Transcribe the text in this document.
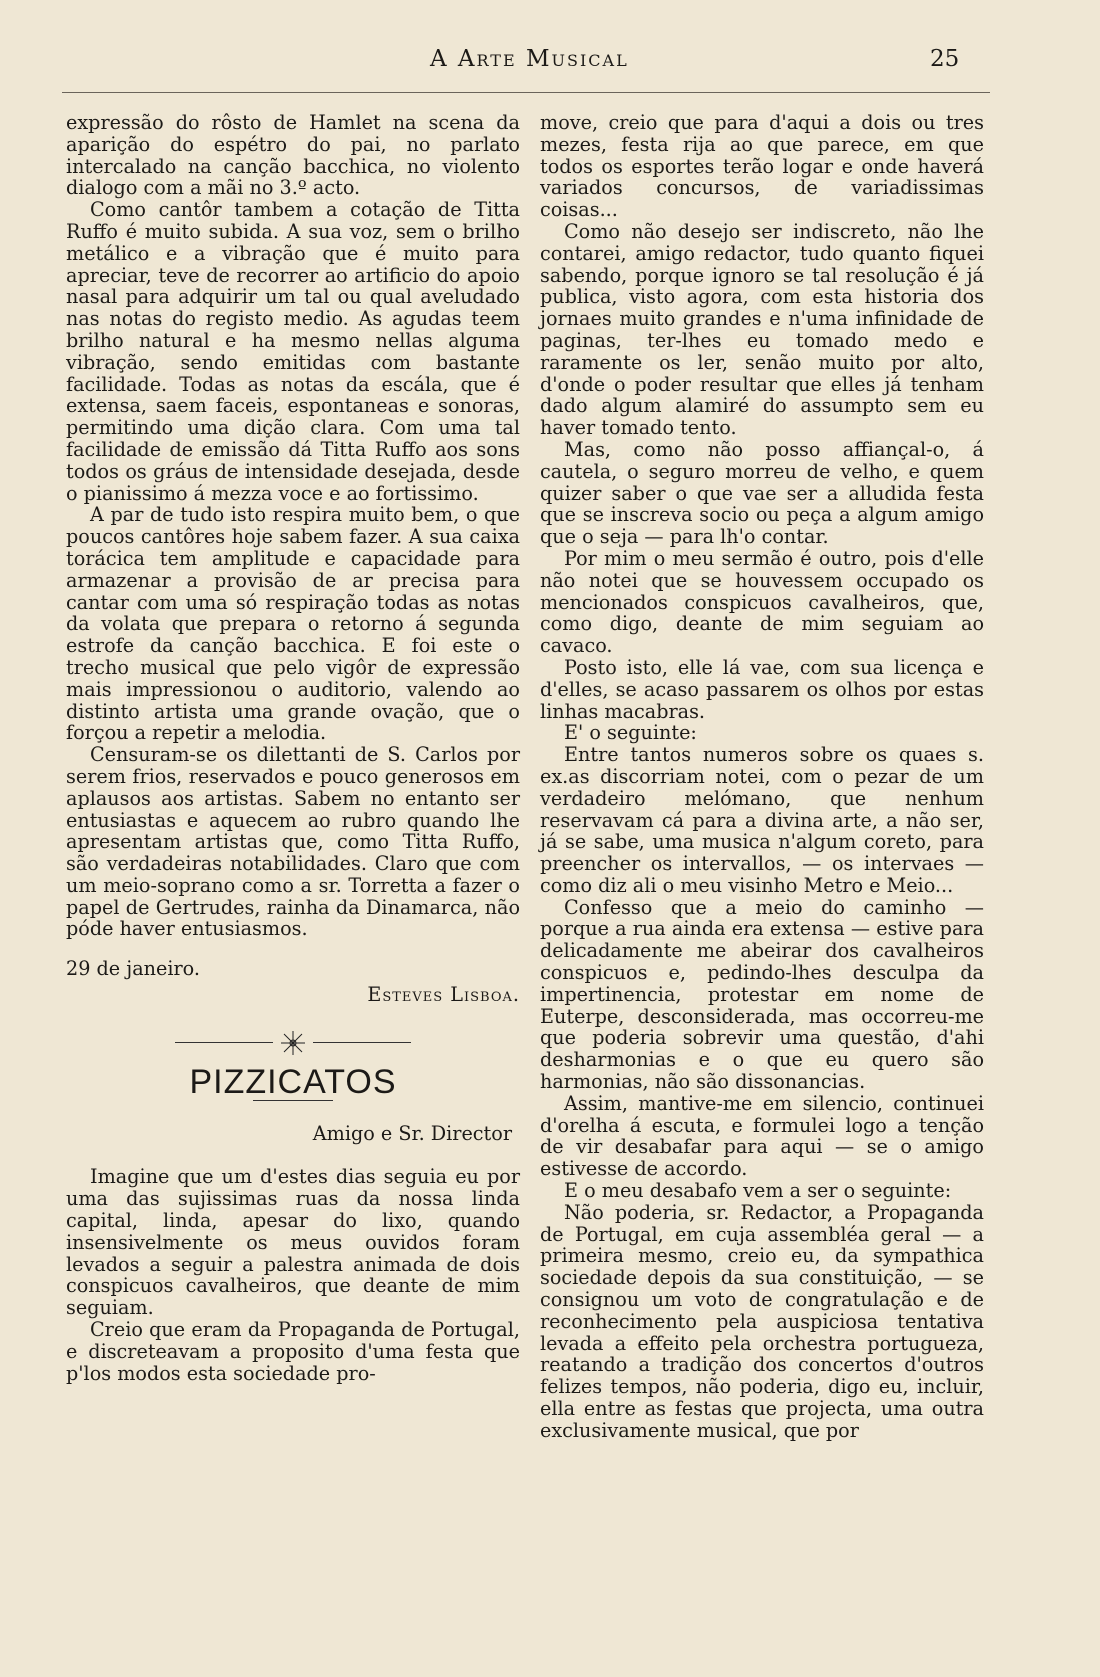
A Arte Musical	25

expressão do rôsto de Hamlet na scena da aparição do espétro do pai, no parlato intercalado na canção bacchica, no violento dialogo com a mãi no 3.º acto.

Como cantôr tambem a cotação de Titta Ruffo é muito subida. A sua voz, sem o brilho metálico e a vibração que é muito para apreciar, teve de recorrer ao artificio do apoio nasal para adquirir um tal ou qual aveludado nas notas do registo medio. As agudas teem brilho natural e ha mesmo nellas alguma vibração, sendo emitidas com bastante facilidade. Todas as notas da escála, que é extensa, saem faceis, espontaneas e sonoras, permitindo uma dição clara. Com uma tal facilidade de emissão dá Titta Ruffo aos sons todos os gráus de intensidade desejada, desde o pianissimo á mezza voce e ao fortissimo.

A par de tudo isto respira muito bem, o que poucos cantôres hoje sabem fazer. A sua caixa torácica tem amplitude e capacidade para armazenar a provisão de ar precisa para cantar com uma só respiração todas as notas da volata que prepara o retorno á segunda estrofe da canção bacchica. E foi este o trecho musical que pelo vigôr de expressão mais impressionou o auditorio, valendo ao distinto artista uma grande ovação, que o forçou a repetir a melodia.

Censuram-se os dilettanti de S. Carlos por serem frios, reservados e pouco generosos em aplausos aos artistas. Sabem no entanto ser entusiastas e aquecem ao rubro quando lhe apresentam artistas que, como Titta Ruffo, são verdadeiras notabilidades. Claro que com um meio-soprano como a sr. Torretta a fazer o papel de Gertrudes, rainha da Dinamarca, não póde haver entusiasmos.

29 de janeiro.

Esteves Lisboa.

PIZZICATOS

Amigo e Sr. Director

Imagine que um d'estes dias seguia eu por uma das sujissimas ruas da nossa linda capital, linda, apesar do lixo, quando insensivelmente os meus ouvidos foram levados a seguir a palestra animada de dois conspicuos cavalheiros, que deante de mim seguiam.

Creio que eram da Propaganda de Portugal, e discreteavam a proposito d'uma festa que p'los modos esta sociedade pro-

move, creio que para d'aqui a dois ou tres mezes, festa rija ao que parece, em que todos os esportes terão logar e onde haverá variados concursos, de variadissimas coisas...

Como não desejo ser indiscreto, não lhe contarei, amigo redactor, tudo quanto fiquei sabendo, porque ignoro se tal resolução é já publica, visto agora, com esta historia dos jornaes muito grandes e n'uma infinidade de paginas, ter-lhes eu tomado medo e raramente os ler, senão muito por alto, d'onde o poder resultar que elles já tenham dado algum alamiré do assumpto sem eu haver tomado tento.

Mas, como não posso affiançal-o, á cautela, o seguro morreu de velho, e quem quizer saber o que vae ser a alludida festa que se inscreva socio ou peça a algum amigo que o seja — para lh'o contar.

Por mim o meu sermão é outro, pois d'elle não notei que se houvessem occupado os mencionados conspicuos cavalheiros, que, como digo, deante de mim seguiam ao cavaco.

Posto isto, elle lá vae, com sua licença e d'elles, se acaso passarem os olhos por estas linhas macabras.

E' o seguinte:

Entre tantos numeros sobre os quaes s. ex.as discorriam notei, com o pezar de um verdadeiro melómano, que nenhum reservavam cá para a divina arte, a não ser, já se sabe, uma musica n'algum coreto, para preencher os intervallos, — os intervaes — como diz ali o meu visinho Metro e Meio...

Confesso que a meio do caminho — porque a rua ainda era extensa — estive para delicadamente me abeirar dos cavalheiros conspicuos e, pedindo-lhes desculpa da impertinencia, protestar em nome de Euterpe, desconsiderada, mas occorreu-me que poderia sobrevir uma questão, d'ahi desharmonias e o que eu quero são harmonias, não são dissonancias.

Assim, mantive-me em silencio, continuei d'orelha á escuta, e formulei logo a tenção de vir desabafar para aqui — se o amigo estivesse de accordo.

E o meu desabafo vem a ser o seguinte:

Não poderia, sr. Redactor, a Propaganda de Portugal, em cuja assembléa geral — a primeira mesmo, creio eu, da sympathica sociedade depois da sua constituição, — se consignou um voto de congratulação e de reconhecimento pela auspiciosa tentativa levada a effeito pela orchestra portugueza, reatando a tradição dos concertos d'outros felizes tempos, não poderia, digo eu, incluir, ella entre as festas que projecta, uma outra exclusivamente musical, que por
